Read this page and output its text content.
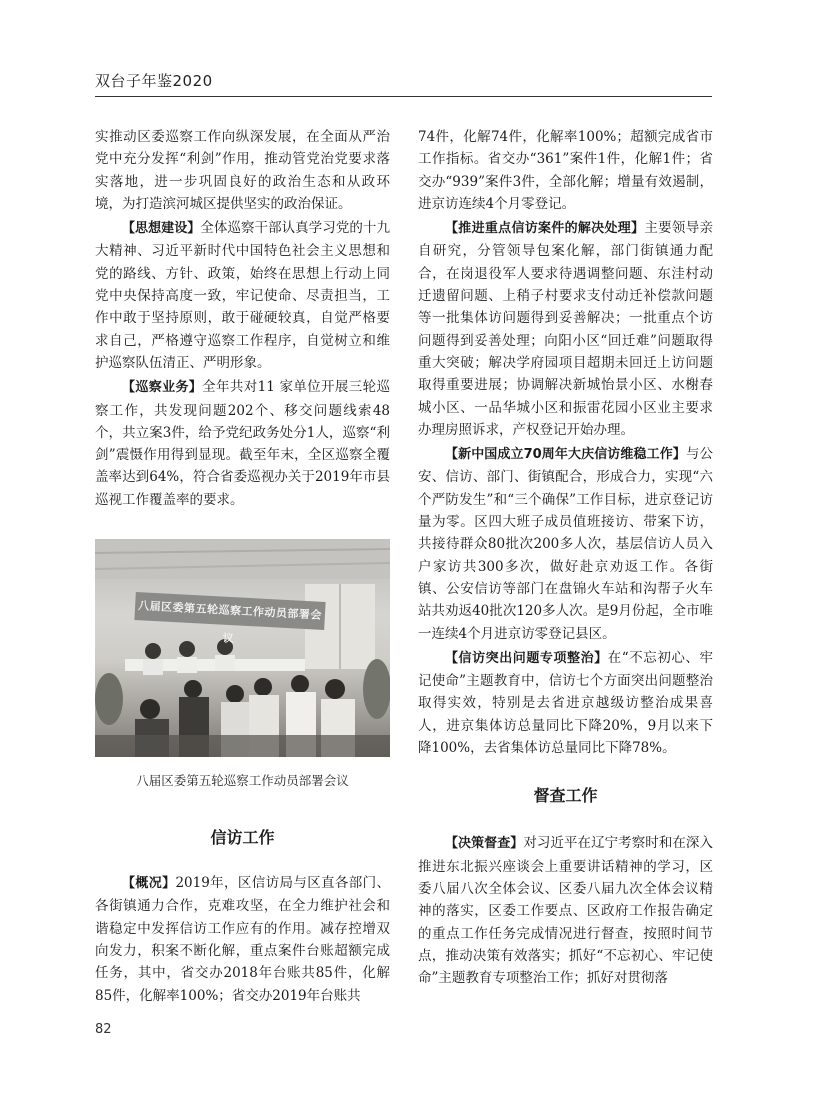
双台子年鉴2020

实推动区委巡察工作向纵深发展，在全面从严治党中充分发挥“利剑”作用，推动管党治党要求落实落地，进一步巩固良好的政治生态和从政环境，为打造滨河城区提供坚实的政治保证。

【思想建设】全体巡察干部认真学习党的十九大精神、习近平新时代中国特色社会主义思想和党的路线、方针、政策，始终在思想上行动上同党中央保持高度一致，牢记使命、尽责担当，工作中敢于坚持原则，敢于碰硬较真，自觉严格要求自己，严格遵守巡察工作程序，自觉树立和维护巡察队伍清正、严明形象。

【巡察业务】全年共对11 家单位开展三轮巡察工作，共发现问题202个、移交问题线索48个，共立案3件，给予党纪政务处分1人，巡察“利剑”震慑作用得到显现。截至年末，全区巡察全覆盖率达到64%，符合省委巡视办关于2019年市县巡视工作覆盖率的要求。

八届区委第五轮巡察工作动员部署会议
八届区委第五轮巡察工作动员部署会议
信访工作

【概况】2019年，区信访局与区直各部门、各街镇通力合作，克难攻坚，在全力维护社会和谐稳定中发挥信访工作应有的作用。减存控增双向发力，积案不断化解，重点案件台账超额完成任务，其中，省交办2018年台账共85件，化解85件，化解率100%；省交办2019年台账共

74件，化解74件，化解率100%；超额完成省市工作指标。省交办“361”案件1件，化解1件；省交办“939”案件3件，全部化解；增量有效遏制，进京访连续4个月零登记。

【推进重点信访案件的解决处理】主要领导亲自研究，分管领导包案化解，部门街镇通力配合，在岗退役军人要求待遇调整问题、东洼村动迁遗留问题、上稍子村要求支付动迁补偿款问题等一批集体访问题得到妥善解决；一批重点个访问题得到妥善处理；向阳小区“回迁难”问题取得重大突破；解决学府园项目超期未回迁上访问题取得重要进展；协调解决新城怡景小区、水榭春城小区、一品华城小区和振雷花园小区业主要求办理房照诉求，产权登记开始办理。

【新中国成立70周年大庆信访维稳工作】与公安、信访、部门、街镇配合，形成合力，实现“六个严防发生”和“三个确保”工作目标，进京登记访量为零。区四大班子成员值班接访、带案下访，共接待群众80批次200多人次，基层信访人员入户家访共300多次，做好赴京劝返工作。各街镇、公安信访等部门在盘锦火车站和沟帮子火车站共劝返40批次120多人次。是9月份起，全市唯一连续4个月进京访零登记县区。

【信访突出问题专项整治】在“不忘初心、牢记使命”主题教育中，信访七个方面突出问题整治取得实效，特别是去省进京越级访整治成果喜人，进京集体访总量同比下降20%，9月以来下降100%，去省集体访总量同比下降78%。

督查工作

【决策督查】对习近平在辽宁考察时和在深入推进东北振兴座谈会上重要讲话精神的学习，区委八届八次全体会议、区委八届九次全体会议精神的落实，区委工作要点、区政府工作报告确定的重点工作任务完成情况进行督查，按照时间节点，推动决策有效落实；抓好“不忘初心、牢记使命”主题教育专项整治工作；抓好对贯彻落

82
